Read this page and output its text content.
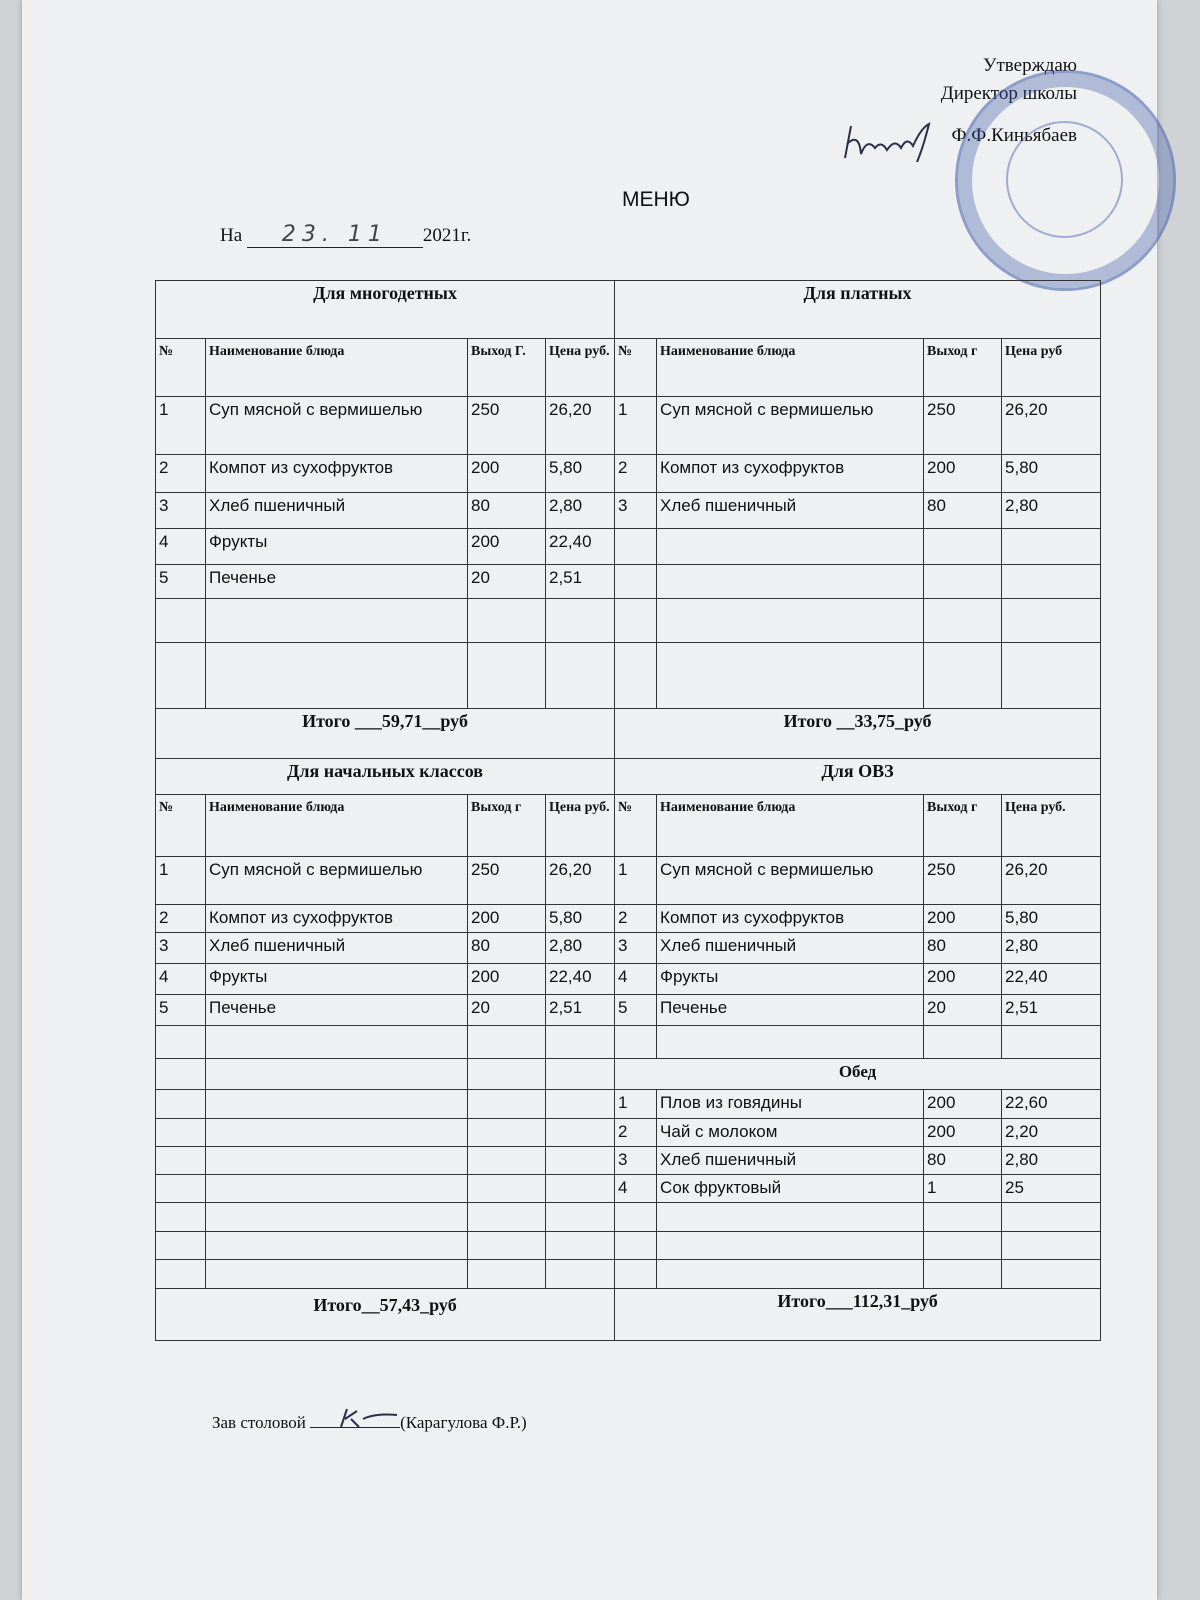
Утверждаю
Директор школы
Ф.Ф.Киньябаев
МЕНЮ
На 23. 11 2021г.
Для многодетных				Для платных			
№	Наименование блюда	Выход Г.	Цена руб.	№	Наименование блюда	Выход г	Цена руб
1	Суп мясной с вермишелью	250	26,20	1	Суп мясной с вермишелью	250	26,20
2	Компот из сухофруктов	200	5,80	2	Компот из сухофруктов	200	5,80
3	Хлеб пшеничный	80	2,80	3	Хлеб пшеничный	80	2,80
4	Фрукты	200	22,40				
5	Печенье	20	2,51				

Итого ___59,71__руб				Итого __33,75_руб			
Для начальных классов				Для ОВЗ			
№	Наименование блюда	Выход г	Цена руб.	№	Наименование блюда	Выход г	Цена руб.
1	Суп мясной с вермишелью	250	26,20	1	Суп мясной с вермишелью	250	26,20
2	Компот из сухофруктов	200	5,80	2	Компот из сухофруктов	200	5,80
3	Хлеб пшеничный	80	2,80	3	Хлеб пшеничный	80	2,80
4	Фрукты	200	22,40	4	Фрукты	200	22,40
5	Печенье	20	2,51	5	Печенье	20	2,51

				Обед			
				1	Плов из говядины	200	22,60
				2	Чай с молоком	200	2,20
				3	Хлеб пшеничный	80	2,80
				4	Сок фруктовый	1	25

Итого__57,43_руб				Итого___112,31_руб			
Зав столовой	(Карагулова Ф.Р.)
